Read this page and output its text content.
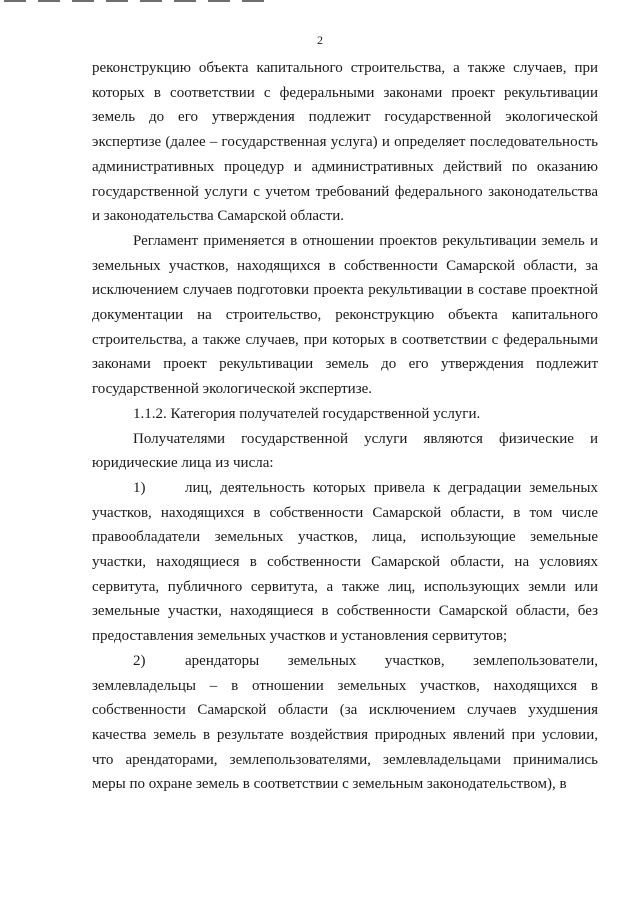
2

реконструкцию объекта капитального строительства, а также случаев, при которых в соответствии с федеральными законами проект рекультивации земель до его утверждения подлежит государственной экологической экспертизе (далее – государственная услуга) и определяет последовательность административных процедур и административных действий по оказанию государственной услуги с учетом требований федерального законодательства и законодательства Самарской области.

Регламент применяется в отношении проектов рекультивации земель и земельных участков, находящихся в собственности Самарской области, за исключением случаев подготовки проекта рекультивации в составе проектной документации на строительство, реконструкцию объекта капитального строительства, а также случаев, при которых в соответствии с федеральными законами проект рекультивации земель до его утверждения подлежит государственной экологической экспертизе.

1.1.2. Категория получателей государственной услуги.

Получателями государственной услуги являются физические и юридические лица из числа:

1)	лиц, деятельность которых привела к деградации земельных участков, находящихся в собственности Самарской области, в том числе правообладатели земельных участков, лица, использующие земельные участки, находящиеся в собственности Самарской области, на условиях сервитута, публичного сервитута, а также лиц, использующих земли или земельные участки, находящиеся в собственности Самарской области, без предоставления земельных участков и установления сервитутов;

2)	арендаторы земельных участков, землепользователи, землевладельцы – в отношении земельных участков, находящихся в собственности Самарской области (за исключением случаев ухудшения качества земель в результате воздействия природных явлений при условии, что арендаторами, землепользователями, землевладельцами принимались меры по охране земель в соответствии с земельным законодательством), в
